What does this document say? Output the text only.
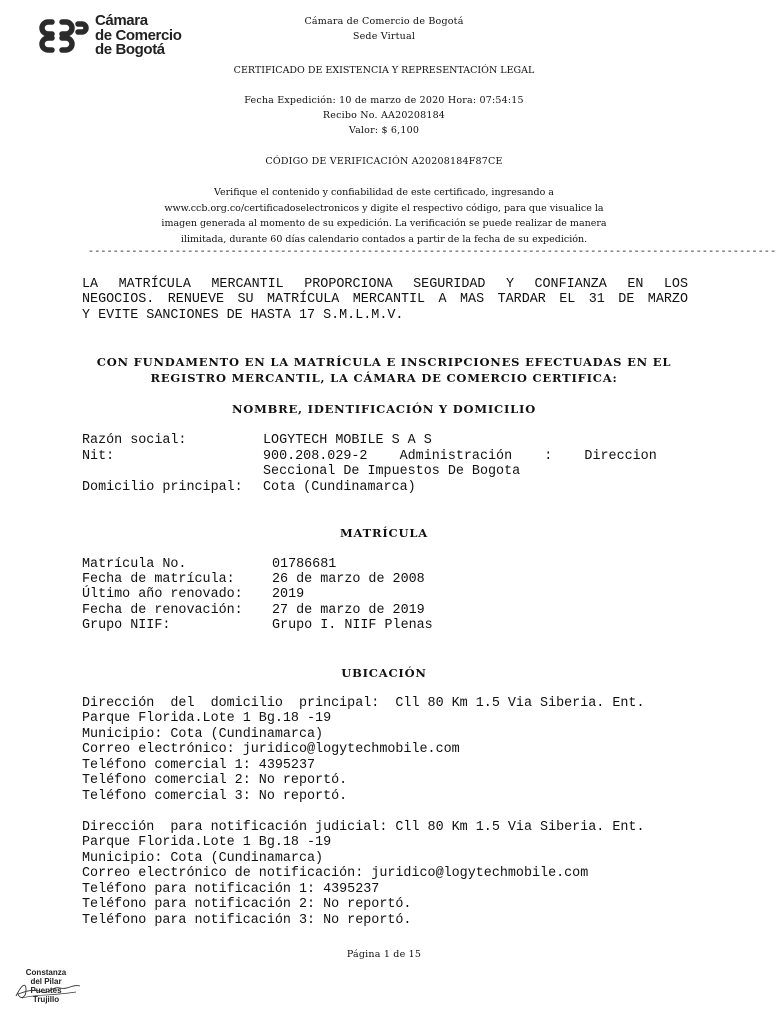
Cámara
de Comercio
de Bogotá
Cámara de Comercio de Bogotá
Sede Virtual
CERTIFICADO DE EXISTENCIA Y REPRESENTACIÓN LEGAL
Fecha Expedición: 10 de marzo de 2020 Hora: 07:54:15
Recibo No. AA20208184
Valor: $ 6,100
CÓDIGO DE VERIFICACIÓN A20208184F87CE
Verifique el contenido y confiabilidad de este certificado, ingresando a
www.ccb.org.co/certificadoselectronicos y digite el respectivo código, para que visualice la
imagen generada al momento de su expedición. La verificación se puede realizar de manera
ilimitada, durante 60 días calendario contados a partir de la fecha de su expedición.
---------------------------------------------------------------------------------------------------------------
LA MATRÍCULA MERCANTIL PROPORCIONA SEGURIDAD Y CONFIANZA EN LOS
NEGOCIOS. RENUEVE SU MATRÍCULA MERCANTIL A MAS TARDAR EL 31 DE MARZO
Y EVITE SANCIONES DE HASTA 17 S.M.L.M.V.
CON FUNDAMENTO EN LA MATRÍCULA E INSCRIPCIONES EFECTUADAS EN EL
REGISTRO MERCANTIL, LA CÁMARA DE COMERCIO CERTIFICA:
NOMBRE, IDENTIFICACIÓN Y DOMICILIO

Razón social:

	LOGYTECH MOBILE S A S

Nit:

	900.208.029-2    Administración    :    Direccion

Seccional De Impuestos De Bogota

Domicilio principal:

Cota (Cundinamarca)

MATRÍCULA

Matrícula No.

	01786681

Fecha de matrícula:

	26 de marzo de 2008

Último año renovado:

2019

Fecha de renovación:

27 de marzo de 2019

Grupo NIIF:

	Grupo I. NIIF Plenas

UBICACIÓN

Dirección  del  domicilio  principal:  Cll 80 Km 1.5 Via Siberia. Ent.

Parque Florida.Lote 1 Bg.18 -19

Municipio: Cota (Cundinamarca)

Correo electrónico: juridico@logytechmobile.com

Teléfono comercial 1: 4395237

Teléfono comercial 2: No reportó.

Teléfono comercial 3: No reportó.

Dirección  para notificación judicial: Cll 80 Km 1.5 Via Siberia. Ent.

Parque Florida.Lote 1 Bg.18 -19

Municipio: Cota (Cundinamarca)

Correo electrónico de notificación: juridico@logytechmobile.com

Teléfono para notificación 1: 4395237

Teléfono para notificación 2: No reportó.

Teléfono para notificación 3: No reportó.

Página 1 de 15
Constanza
del Pilar
Puentes
Trujillo
